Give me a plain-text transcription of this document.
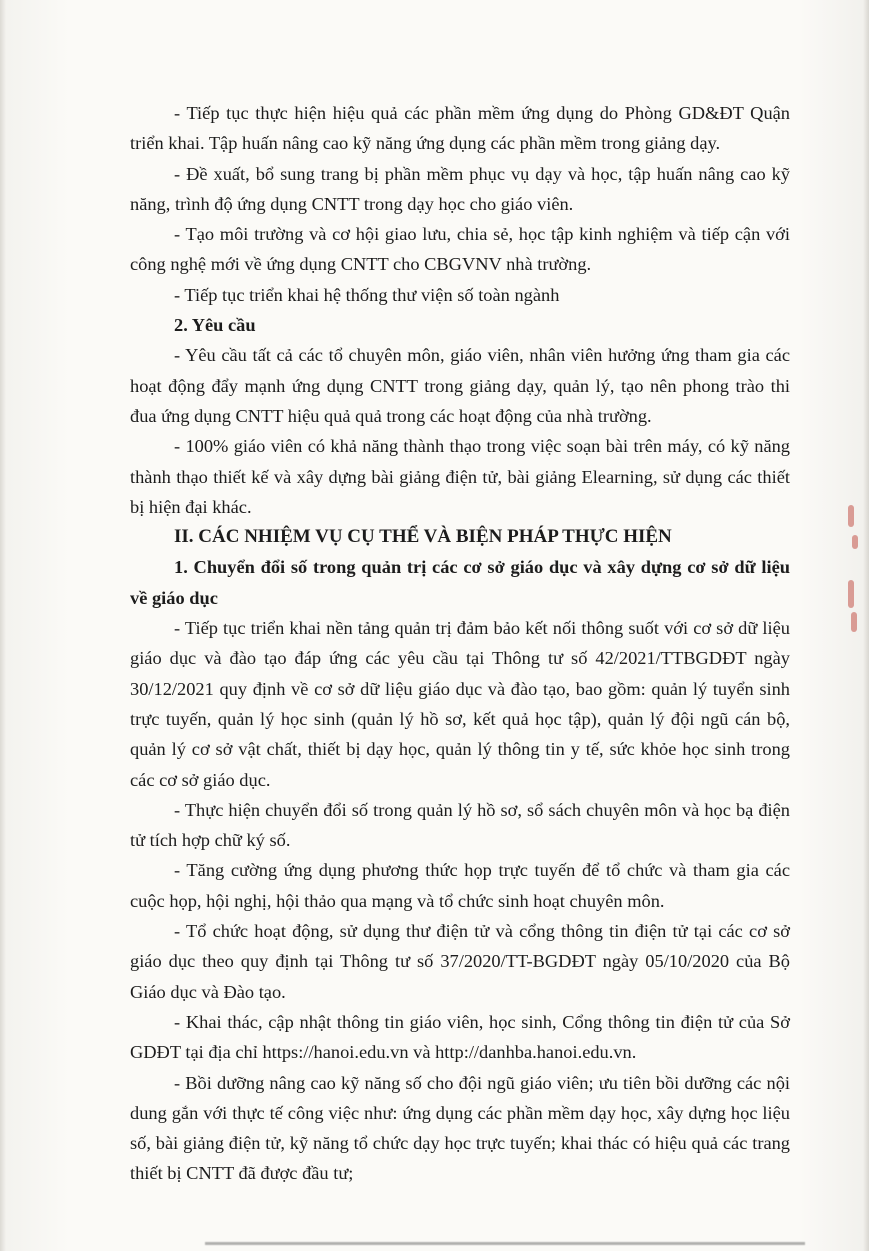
- Tiếp tục thực hiện hiệu quả các phần mềm ứng dụng do Phòng GD&ĐT Quận triển khai. Tập huấn nâng cao kỹ năng ứng dụng các phần mềm trong giảng dạy.

- Đề xuất, bổ sung trang bị phần mềm phục vụ dạy và học, tập huấn nâng cao kỹ năng, trình độ ứng dụng CNTT trong dạy học cho giáo viên.

- Tạo môi trường và cơ hội giao lưu, chia sẻ, học tập kinh nghiệm và tiếp cận với công nghệ mới về ứng dụng CNTT cho CBGVNV nhà trường.

- Tiếp tục triển khai hệ thống thư viện số toàn ngành

2. Yêu cầu

- Yêu cầu tất cả các tổ chuyên môn, giáo viên, nhân viên hưởng ứng tham gia các hoạt động đẩy mạnh ứng dụng CNTT trong giảng dạy, quản lý, tạo nên phong trào thi đua ứng dụng CNTT hiệu quả quả trong các hoạt động của nhà trường.

- 100% giáo viên có khả năng thành thạo trong việc soạn bài trên máy, có kỹ năng thành thạo thiết kế và xây dựng bài giảng điện tử, bài giảng Elearning, sử dụng các thiết bị hiện đại khác.

II. CÁC NHIỆM VỤ CỤ THỂ VÀ BIỆN PHÁP THỰC HIỆN

1. Chuyển đổi số trong quản trị các cơ sở giáo dục và xây dựng cơ sở dữ liệu về giáo dục

- Tiếp tục triển khai nền tảng quản trị đảm bảo kết nối thông suốt với cơ sở dữ liệu giáo dục và đào tạo đáp ứng các yêu cầu tại Thông tư số 42/2021/TTBGDĐT ngày 30/12/2021 quy định về cơ sở dữ liệu giáo dục và đào tạo, bao gồm: quản lý tuyển sinh trực tuyến, quản lý học sinh (quản lý hồ sơ, kết quả học tập), quản lý đội ngũ cán bộ, quản lý cơ sở vật chất, thiết bị dạy học, quản lý thông tin y tế, sức khỏe học sinh trong các cơ sở giáo dục.

- Thực hiện chuyển đổi số trong quản lý hồ sơ, sổ sách chuyên môn và học bạ điện tử tích hợp chữ ký số.

- Tăng cường ứng dụng phương thức họp trực tuyến để tổ chức và tham gia các cuộc họp, hội nghị, hội thảo qua mạng và tổ chức sinh hoạt chuyên môn.

- Tổ chức hoạt động, sử dụng thư điện tử và cổng thông tin điện tử tại các cơ sở giáo dục theo quy định tại Thông tư số 37/2020/TT-BGDĐT ngày 05/10/2020 của Bộ Giáo dục và Đào tạo.

- Khai thác, cập nhật thông tin giáo viên, học sinh, Cổng thông tin điện tử của Sở GDĐT tại địa chỉ https://hanoi.edu.vn và http://danhba.hanoi.edu.vn.

- Bồi dưỡng nâng cao kỹ năng số cho đội ngũ giáo viên; ưu tiên bồi dưỡng các nội dung gắn với thực tế công việc như: ứng dụng các phần mềm dạy học, xây dựng học liệu số, bài giảng điện tử, kỹ năng tổ chức dạy học trực tuyến; khai thác có hiệu quả các trang thiết bị CNTT đã được đầu tư;
